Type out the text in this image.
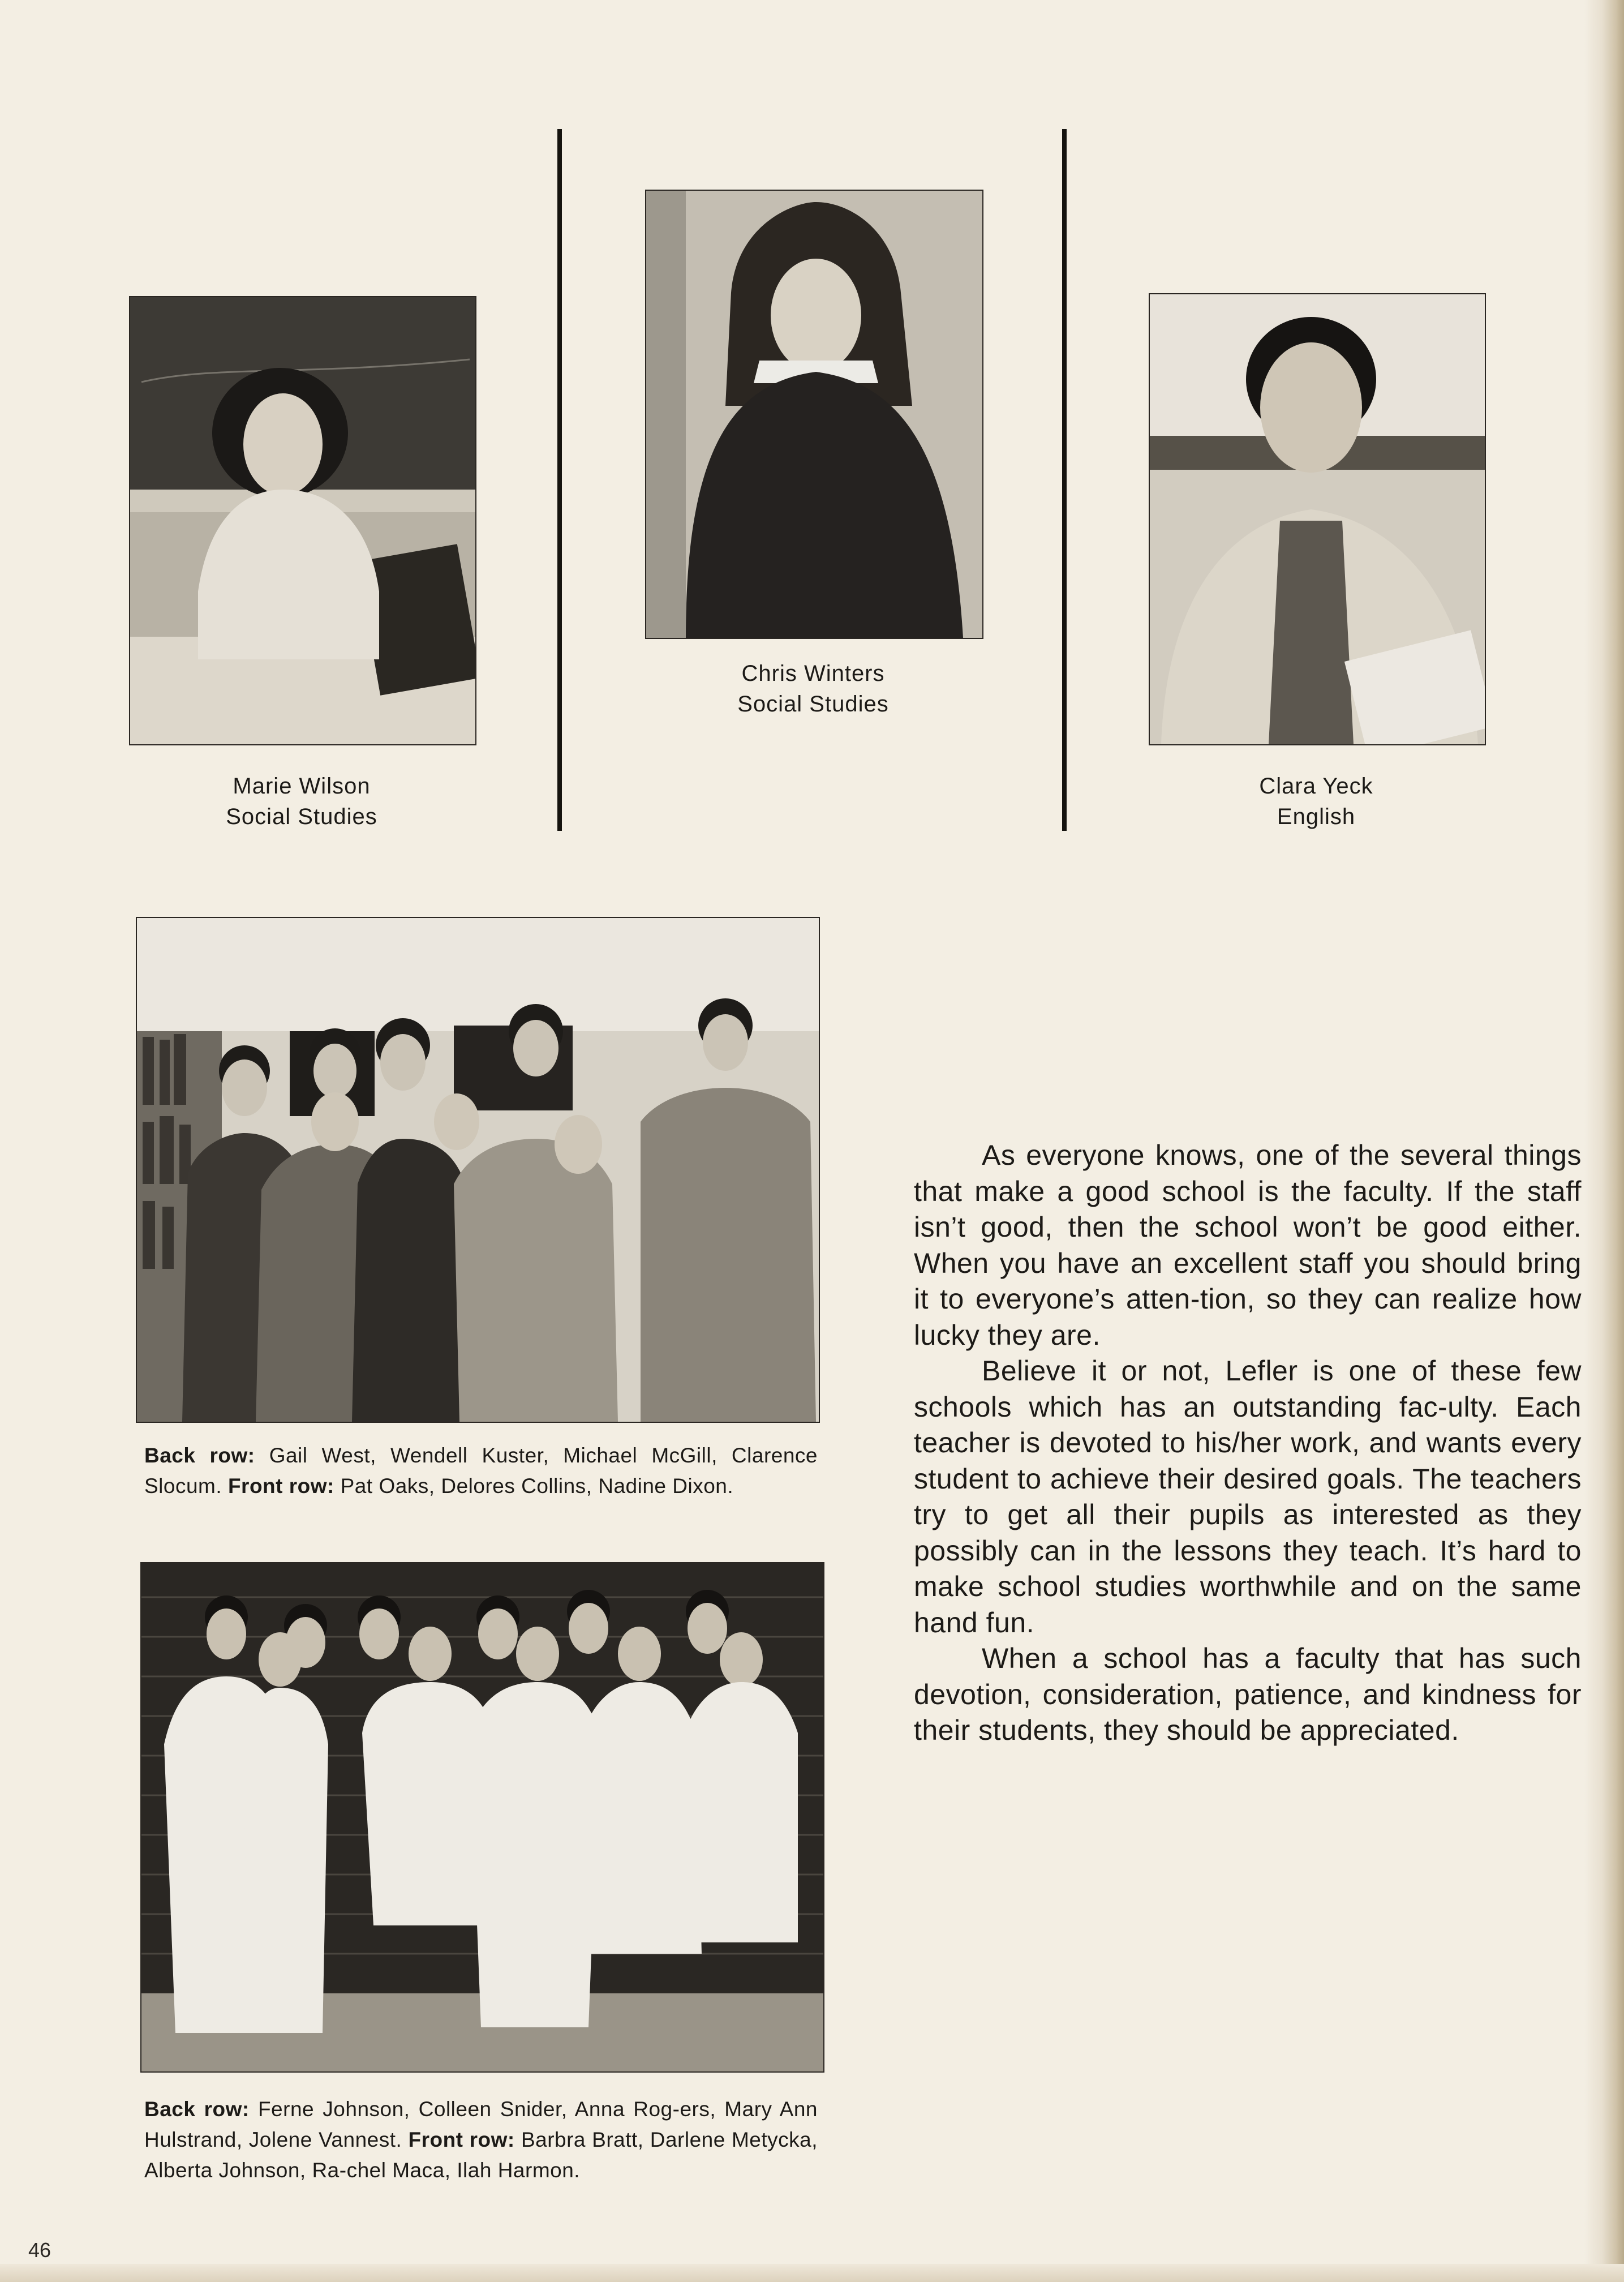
Marie Wilson
Social Studies
Chris Winters
Social Studies
Clara Yeck
English
Back row: Gail West, Wendell Kuster, Michael McGill, Clarence Slocum. Front row: Pat Oaks, Delores Collins, Nadine Dixon.
Back row: Ferne Johnson, Colleen Snider, Anna Rog-ers, Mary Ann Hulstrand, Jolene Vannest. Front row: Barbra Bratt, Darlene Metycka, Alberta Johnson, Ra-chel Maca, Ilah Harmon.

As everyone knows, one of the several things that make a good school is the faculty. If the staff isn’t good, then the school won’t be good either. When you have an excellent staff you should bring it to everyone’s atten-tion, so they can realize how lucky they are.

Believe it or not, Lefler is one of these few schools which has an outstanding fac-ulty. Each teacher is devoted to his/her work, and wants every student to achieve their desired goals. The teachers try to get all their pupils as interested as they possibly can in the lessons they teach. It’s hard to make school studies worthwhile and on the same hand fun.

When a school has a faculty that has such devotion, consideration, patience, and kindness for their students, they should be appreciated.

46
